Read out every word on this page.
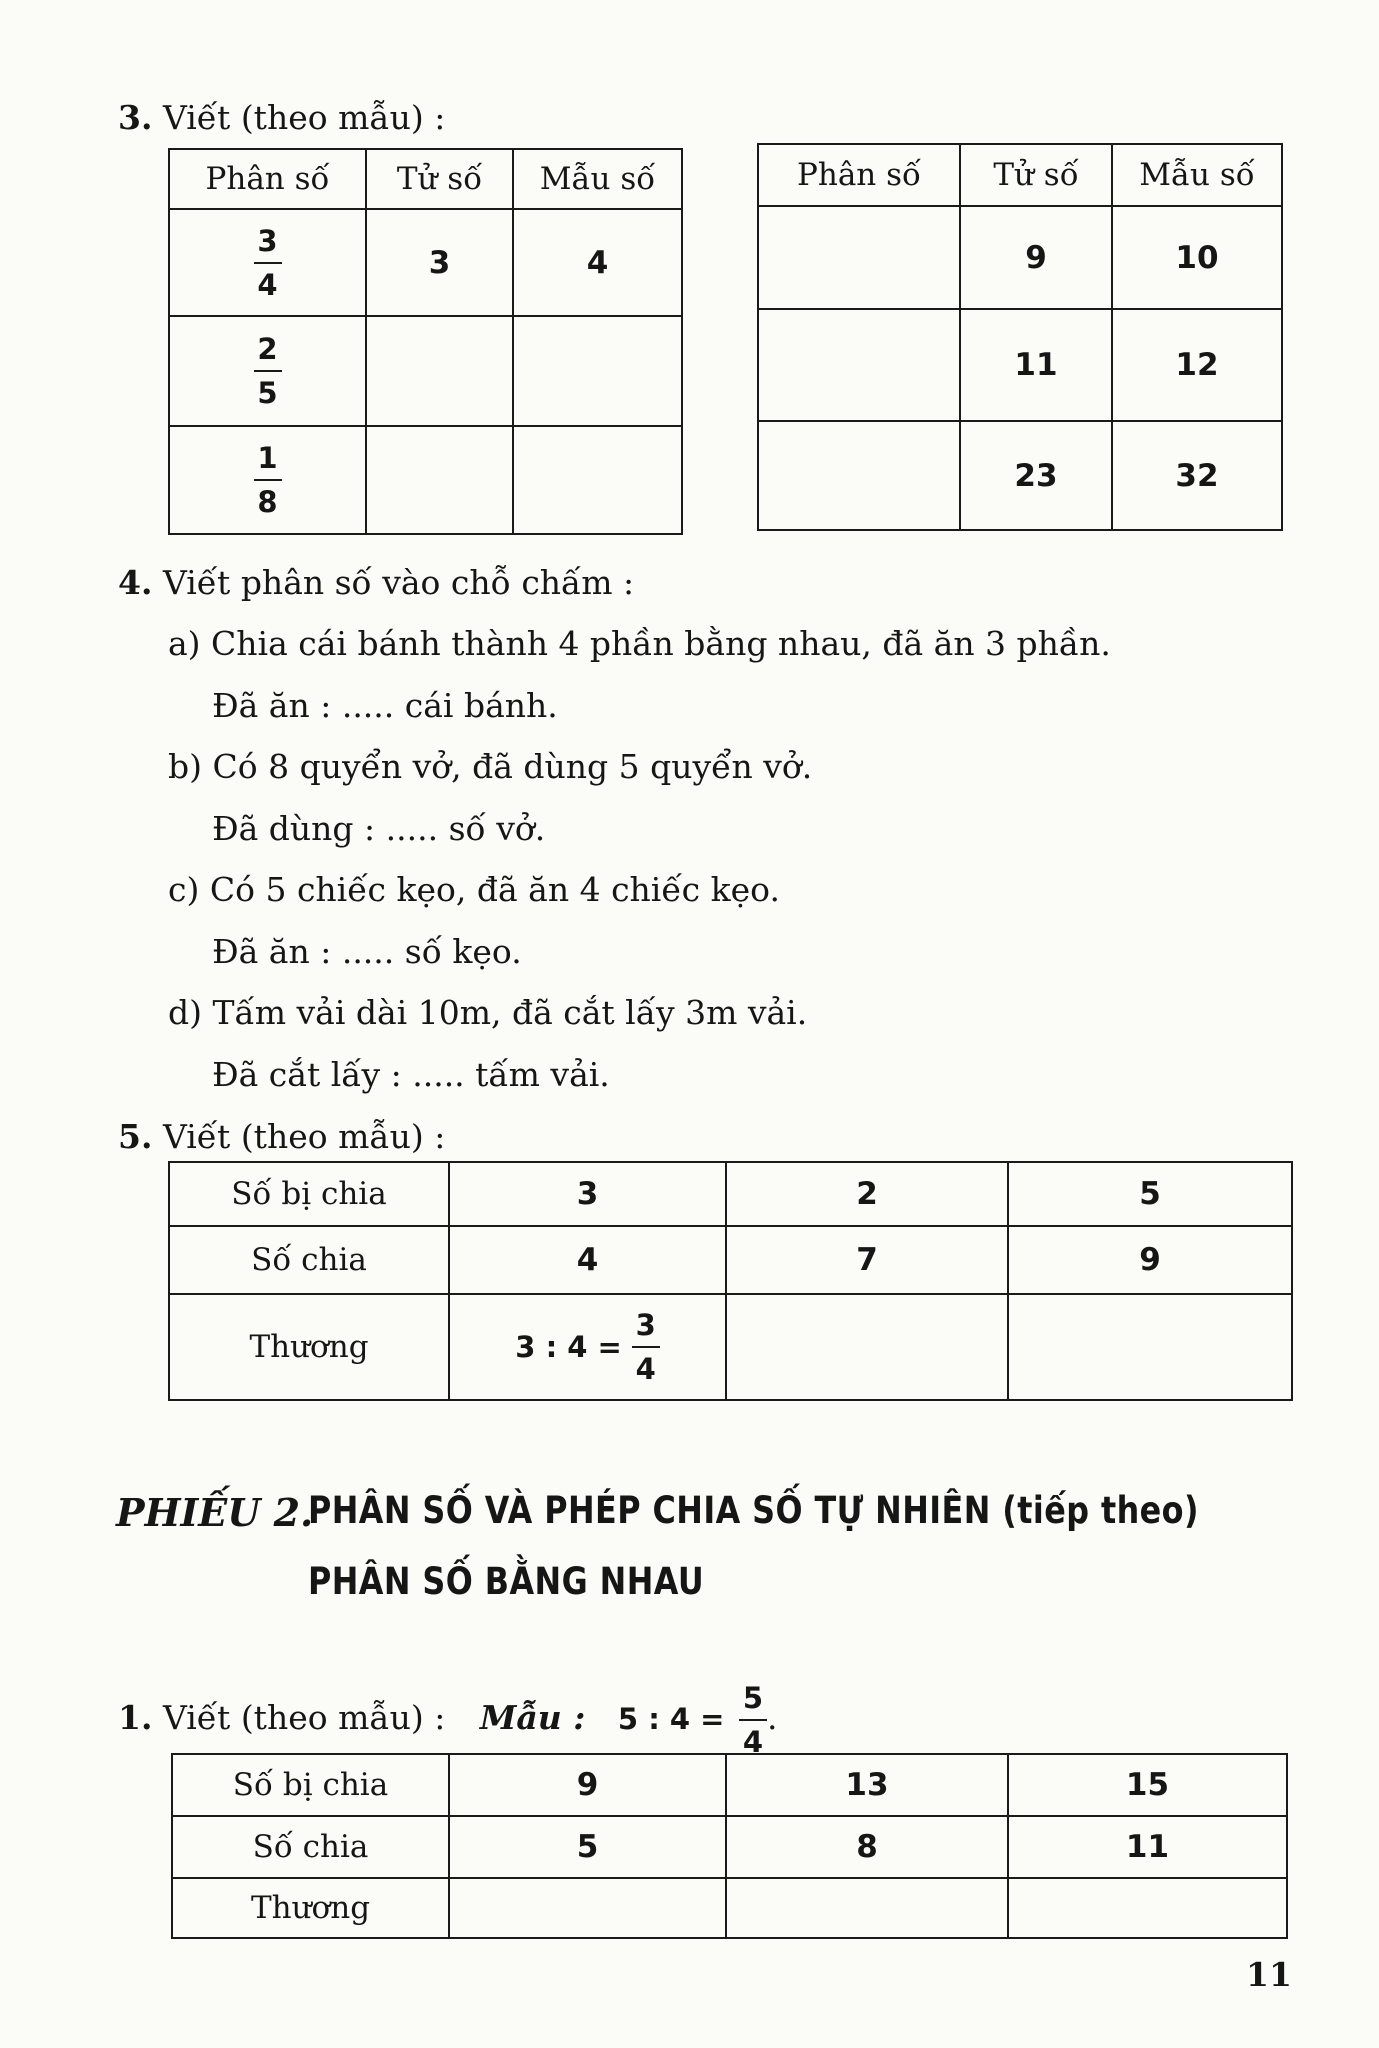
3. Viết (theo mẫu) :
Phân số	Tử số	Mẫu số

$\frac{3}{4}$	3	4

$\frac{2}{5}$

$\frac{1}{8}$

Phân số	Tử số	Mẫu số
	9	10
	11	12
	23	32
4. Viết phân số vào chỗ chấm :
a) Chia cái bánh thành 4 phần bằng nhau, đã ăn 3 phần.
Đã ăn : ..... cái bánh.
b) Có 8 quyển vở, đã dùng 5 quyển vở.
Đã dùng : ..... số vở.
c) Có 5 chiếc kẹo, đã ăn 4 chiếc kẹo.
Đã ăn : ..... số kẹo.
d) Tấm vải dài 10m, đã cắt lấy 3m vải.
Đã cắt lấy : ..... tấm vải.
5. Viết (theo mẫu) :
Số bị chia	3	2	5
Số chia	4	7	9
Thương	3 : $4 = \frac{3}{4}$

PHIẾU 2.
PHÂN SỐ VÀ PHÉP CHIA SỐ TỰ NHIÊN (tiếp theo)
PHÂN SỐ BẰNG NHAU
1. Viết (theo mẫu) : Mẫu : 5 : $4 = \frac{5}{4}$ .
Số bị chia	9	13	15
Số chia	5	8	11
Thương			
11
